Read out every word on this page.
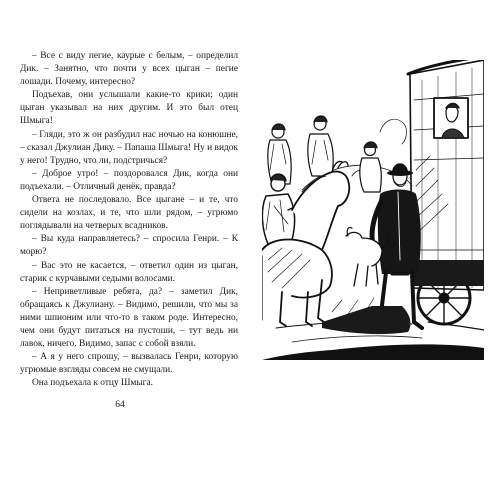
– Все с виду пегие, каурые с белым, – определил Дик. – Занятно, что почти у всех цыган – пегие лошади. Почему, интересно?

Подъехав, они услышали какие-то крики; один цыган указывал на них другим. И это был отец Шмыга!

– Гляди, это ж он разбудил нас ночью на конюшне, – сказал Джулиан Дику. – Папаша Шмыга! Ну и видок у него! Трудно, что ли, подстричься?

– Доброе утро! – поздоровался Дик, когда они подъехали. – Отличный денёк, правда?

Ответа не последовало. Все цыгане – и те, что сидели на козлах, и те, что шли рядом, – угрюмо поглядывали на четверых всадников.

– Вы куда направляетесь? – спросила Генри. – К морю?

– Вас это не касается, – ответил один из цыган, старик с курчавыми седыми волосами.

– Неприветливые ребята, да? – заметил Дик, обращаясь к Джулиану. – Видимо, решили, что мы за ними шпионим или что-то в таком роде. Интересно, чем они будут питаться на пустоши, – тут ведь ни лавок, ничего. Видимо, запас с собой взяли.

– А я у него спрошу, – вызвалась Генри, которую угрюмые взгляды совсем не смущали.

Она подъехала к отцу Шмыга.

64
